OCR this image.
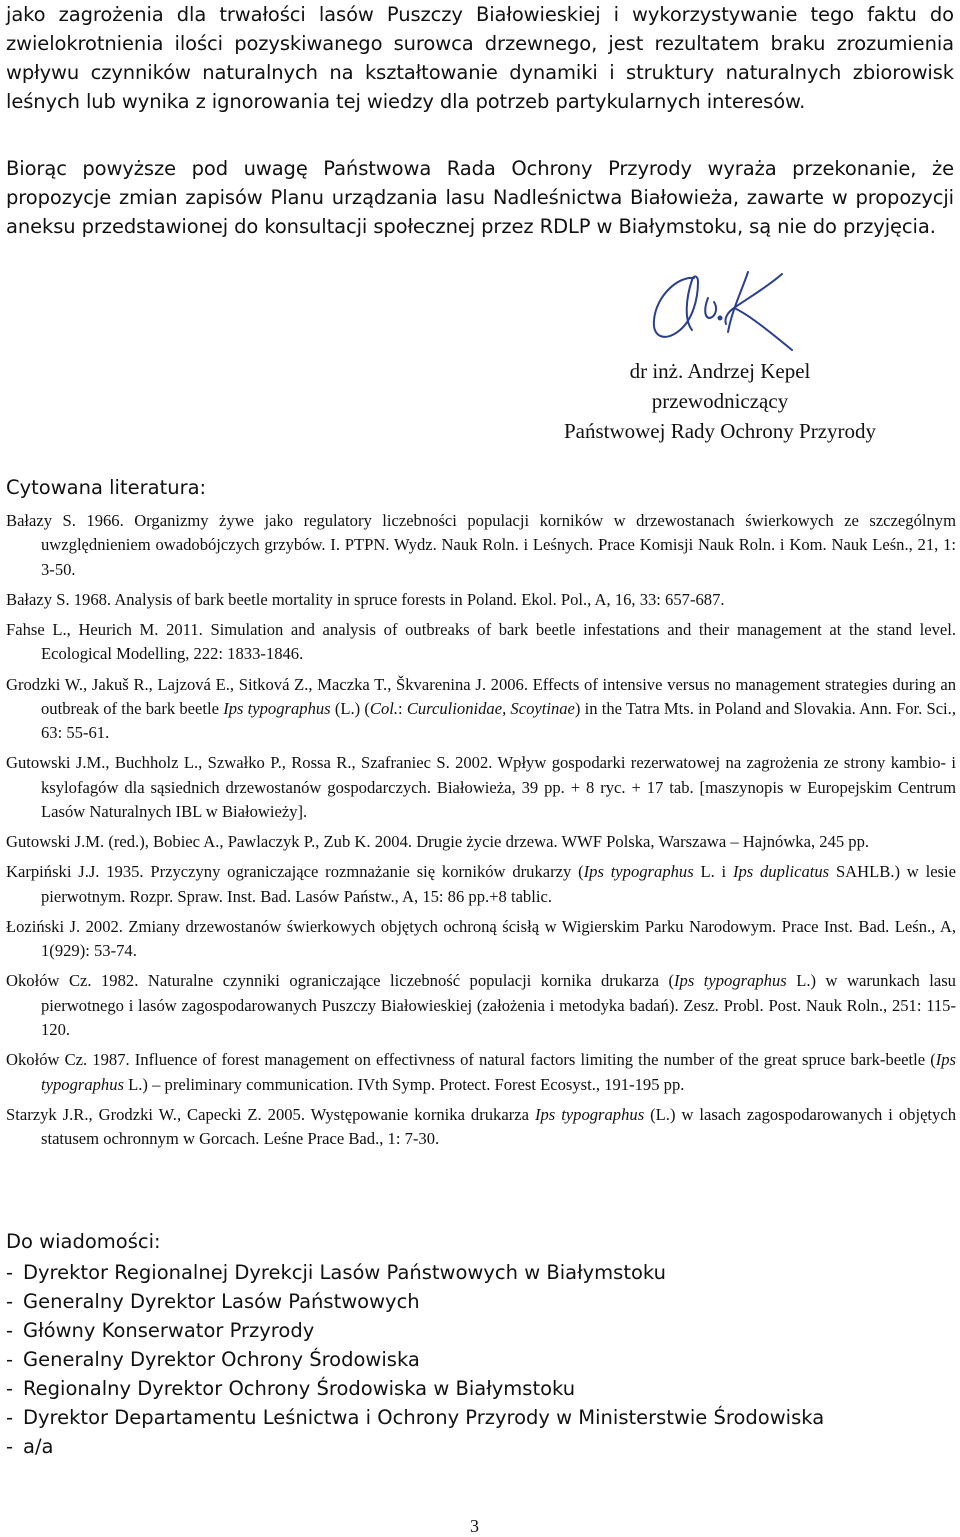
jako zagrożenia dla trwałości lasów Puszczy Białowieskiej i wykorzystywanie tego faktu do zwielokrotnienia ilości pozyskiwanego surowca drzewnego, jest rezultatem braku zrozumienia wpływu czynników naturalnych na kształtowanie dynamiki i struktury naturalnych zbiorowisk leśnych lub wynika z ignorowania tej wiedzy dla potrzeb partykularnych interesów.

Biorąc powyższe pod uwagę Państwowa Rada Ochrony Przyrody wyraża przekonanie, że propozycje zmian zapisów Planu urządzania lasu Nadleśnictwa Białowieża, zawarte w propozycji aneksu przedstawionej do konsultacji społecznej przez RDLP w Białymstoku, są nie do przyjęcia.

dr inż. Andrzej Kepel
przewodniczący
Państwowej Rady Ochrony Przyrody
Cytowana literatura:
Bałazy S. 1966. Organizmy żywe jako regulatory liczebności populacji korników w drzewostanach świerkowych ze szczególnym uwzględnieniem owadobójczych grzybów. I. PTPN. Wydz. Nauk Roln. i Leśnych. Prace Komisji Nauk Roln. i Kom. Nauk Leśn., 21, 1: 3-50.
Bałazy S. 1968. Analysis of bark beetle mortality in spruce forests in Poland. Ekol. Pol., A, 16, 33: 657-687.
Fahse L., Heurich M. 2011. Simulation and analysis of outbreaks of bark beetle infestations and their management at the stand level. Ecological Modelling, 222: 1833-1846.
Grodzki W., Jakuš R., Lajzová E., Sitková Z., Maczka T., Škvarenina J. 2006. Effects of intensive versus no management strategies during an outbreak of the bark beetle Ips typographus (L.) (Col.: Curculionidae, Scoytinae) in the Tatra Mts. in Poland and Slovakia. Ann. For. Sci., 63: 55-61.
Gutowski J.M., Buchholz L., Szwałko P., Rossa R., Szafraniec S. 2002. Wpływ gospodarki rezerwatowej na zagrożenia ze strony kambio- i ksylofagów dla sąsiednich drzewostanów gospodarczych. Białowieża, 39 pp. + 8 ryc. + 17 tab. [maszynopis w Europejskim Centrum Lasów Naturalnych IBL w Białowieży].
Gutowski J.M. (red.), Bobiec A., Pawlaczyk P., Zub K. 2004. Drugie życie drzewa. WWF Polska, Warszawa – Hajnówka, 245 pp.
Karpiński J.J. 1935. Przyczyny ograniczające rozmnażanie się korników drukarzy (Ips typographus L. i Ips duplicatus SAHLB.) w lesie pierwotnym. Rozpr. Spraw. Inst. Bad. Lasów Państw., A, 15: 86 pp.+8 tablic.
Łoziński J. 2002. Zmiany drzewostanów świerkowych objętych ochroną ścisłą w Wigierskim Parku Narodowym. Prace Inst. Bad. Leśn., A, 1(929): 53-74.
Okołów Cz. 1982. Naturalne czynniki ograniczające liczebność populacji kornika drukarza (Ips typographus L.) w warunkach lasu pierwotnego i lasów zagospodarowanych Puszczy Białowieskiej (założenia i metodyka badań). Zesz. Probl. Post. Nauk Roln., 251: 115-120.
Okołów Cz. 1987. Influence of forest management on effectivness of natural factors limiting the number of the great spruce bark-beetle (Ips typographus L.) – preliminary communication. IVth Symp. Protect. Forest Ecosyst., 191-195 pp.
Starzyk J.R., Grodzki W., Capecki Z. 2005. Występowanie kornika drukarza Ips typographus (L.) w lasach zagospodarowanych i objętych statusem ochronnym w Gorcach. Leśne Prace Bad., 1: 7-30.
Do wiadomości:
- Dyrektor Regionalnej Dyrekcji Lasów Państwowych w Białymstoku
- Generalny Dyrektor Lasów Państwowych
- Główny Konserwator Przyrody
- Generalny Dyrektor Ochrony Środowiska
- Regionalny Dyrektor Ochrony Środowiska w Białymstoku
- Dyrektor Departamentu Leśnictwa i Ochrony Przyrody w Ministerstwie Środowiska
- a/a
3
